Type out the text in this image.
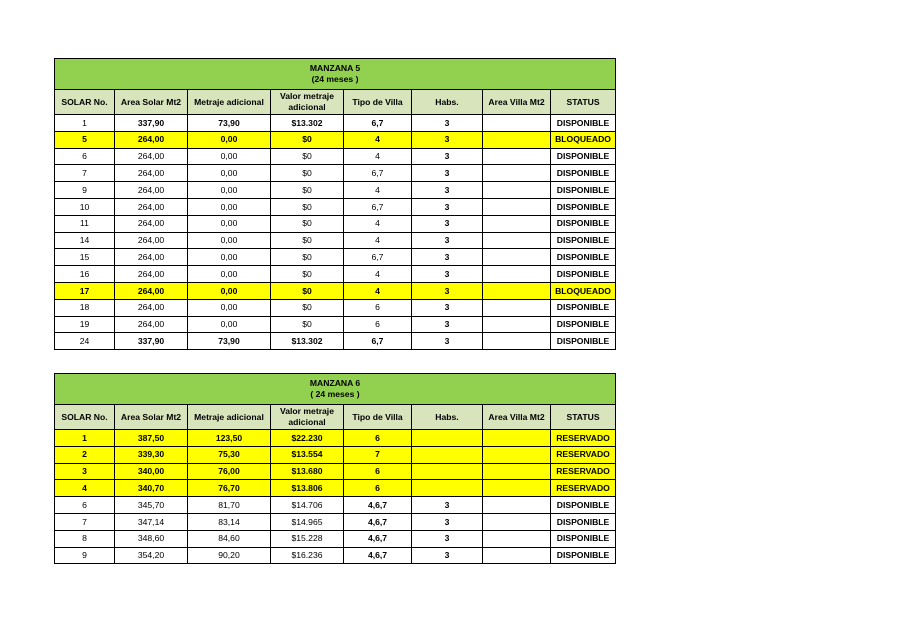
MANZANA 5
(24 meses )							

SOLAR No.	Area Solar Mt2	Metraje adicional	Valor metraje adicional	Tipo de Villa	Habs.	Area Villa Mt2	STATUS
1	337,90	73,90	$13.302	6,7	3		DISPONIBLE
5	264,00	0,00	$0	4	3		BLOQUEADO
6	264,00	0,00	$0	4	3		DISPONIBLE
7	264,00	0,00	$0	6,7	3		DISPONIBLE
9	264,00	0,00	$0	4	3		DISPONIBLE
10	264,00	0,00	$0	6,7	3		DISPONIBLE
11	264,00	0,00	$0	4	3		DISPONIBLE
14	264,00	0,00	$0	4	3		DISPONIBLE
15	264,00	0,00	$0	6,7	3		DISPONIBLE
16	264,00	0,00	$0	4	3		DISPONIBLE
17	264,00	0,00	$0	4	3		BLOQUEADO
18	264,00	0,00	$0	6	3		DISPONIBLE
19	264,00	0,00	$0	6	3		DISPONIBLE
24	337,90	73,90	$13.302	6,7	3		DISPONIBLE
MANZANA 6
( 24 meses )							

SOLAR No.	Area Solar Mt2	Metraje adicional	Valor metraje adicional	Tipo de Villa	Habs.	Area Villa Mt2	STATUS
1	387,50	123,50	$22.230	6			RESERVADO
2	339,30	75,30	$13.554	7			RESERVADO
3	340,00	76,00	$13.680	6			RESERVADO
4	340,70	76,70	$13.806	6			RESERVADO
6	345,70	81,70	$14.706	4,6,7	3		DISPONIBLE
7	347,14	83,14	$14.965	4,6,7	3		DISPONIBLE
8	348,60	84,60	$15.228	4,6,7	3		DISPONIBLE
9	354,20	90,20	$16.236	4,6,7	3		DISPONIBLE
